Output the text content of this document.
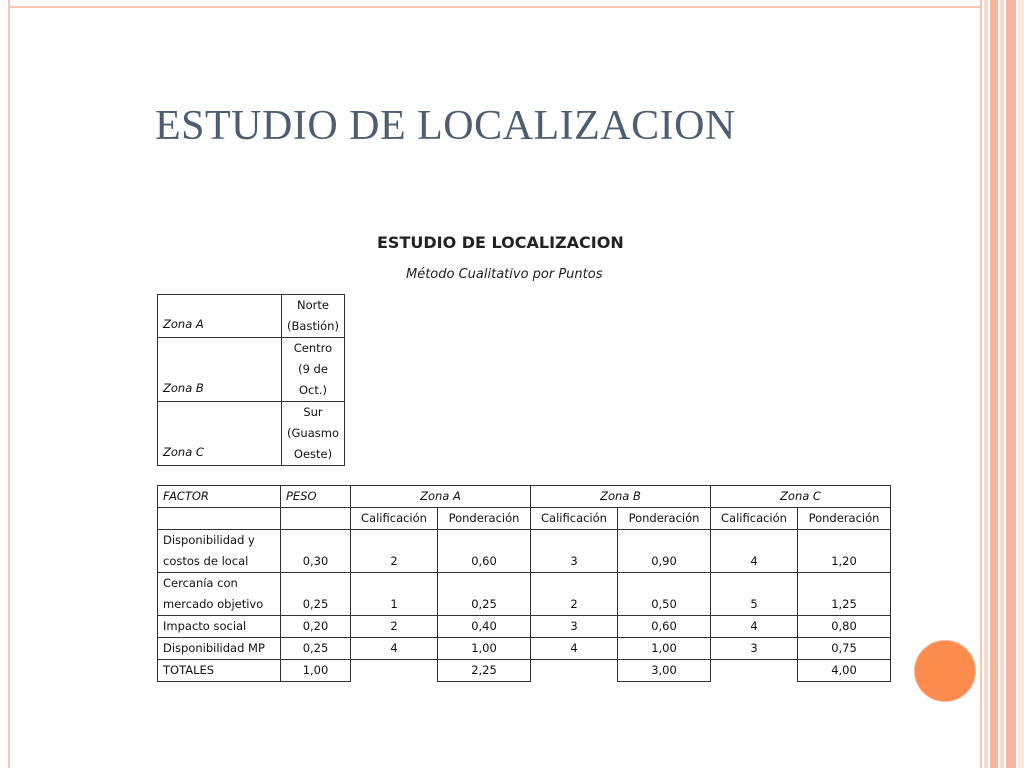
ESTUDIO DE LOCALIZACION
ESTUDIO DE LOCALIZACION
Método Cualitativo por Puntos
Zona A	Norte
(Bastión)

Zona B	Centro
(9 de
Oct.)

Zona C	Sur
(Guasmo
Oeste)
FACTOR	PESO	Zona A		Zona B		Zona C	
		Calificación	Ponderación	Calificación	Ponderación	Calificación	Ponderación

Disponibilidad y
costos de local	0,30	2	0,60	3	0,90	4	1,20

Cercanía con
mercado objetivo	0,25	1	0,25	2	0,50	5	1,25

Impacto social	0,20	2	0,40	3	0,60	4	0,80

Disponibilidad MP	0,25	4	1,00	4	1,00	3	0,75
TOTALES	1,00		2,25		3,00		4,00
